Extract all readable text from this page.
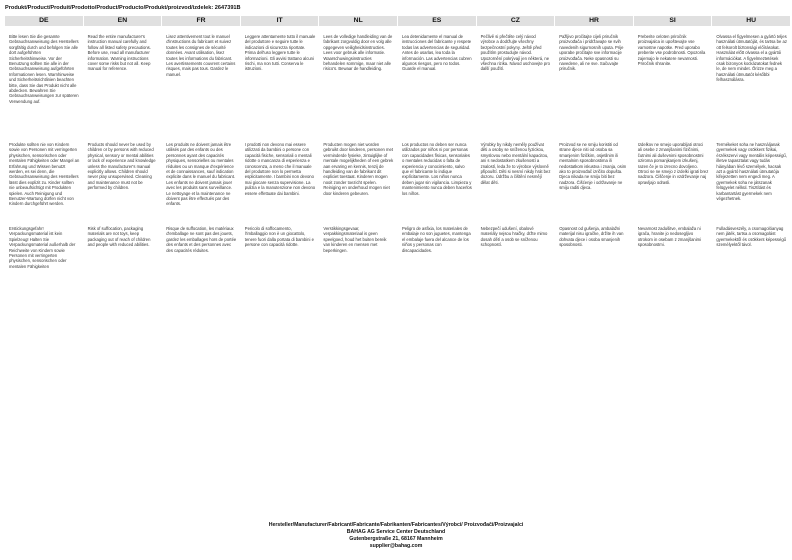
Produkt/Product/Produit/Prodotto/Product/Producto/Produkt/proizvod/izdelek: 2647391B
DE
Bitte lesen Sie die gesamte Gebrauchsanweisung des Herstellers sorgfältig durch und befolgen Sie alle dort aufgeführten Sicherheitshinweise. Vor der Benutzung sollten Sie alle in der Gebrauchsanweisung aufgeführten Informationen lesen. Warnhinweise und Sicherheitsrichtlinien beachten bitte, dass Sie das Produkt nicht alle abdecken. Bewahren Sie Gebrauchsanweisungen zur späteren Verwendung auf.
Produkte sollten nie von Kindern sowie von Personen mit verringerten physischen, sensorischen oder mentalen Fähigkeiten oder Mangel an Erfahrung und Wissen benutzt werden, es sei denn, die Gebrauchsanweisung des Herstellers lässt dies explizit zu. Kinder sollten nie unbeaufsichtigt mit Produkten spielen. Auch Reinigung und Benutzer-Wartung dürfen nicht von Kindern durchgeführt werden.
Erstickungsgefahr! Verpackungsmaterial ist kein Spielzeug! Halten Sie Verpackungsmaterial außerhalb der Reichweite von Kindern sowie Personen mit verringerten physischen, sensorischen oder mentalen Fähigkeiten
EN
Read the entire manufacturer's instruction manual carefully and follow all listed safety precautions. Before use, read all manufacturer information. Warning instructions cover some risks but not all. Keep manual for reference.
Products should never be used by children or by persons with reduced physical, sensory or mental abilities or lack of experience and knowledge unless the manufacturer's manual explicitly allows. Children should never play unsupervised. Cleaning and maintenance must not be performed by children.
Risk of suffocation, packaging materials are not toys, keep packaging out of reach of children and people with reduced abilities.
FR
Lisez attentivement tout le manuel d'instructions du fabricant et suivez toutes les consignes de sécurité données. Avant utilisation, lisez toutes les informations du fabricant. Les avertissements couvrent certains risques, mais pas tous. Gardez le manuel.
Les produits ne doivent jamais être utilisés par des enfants ou des personnes ayant des capacités physiques, sensorielles ou mentales réduites ou un manque d'expérience et de connaissances, sauf indication explicite dans le manuel du fabricant. Les enfants ne doivent jamais jouer avec les produits sans surveillance. Le nettoyage et la maintenance ne doivent pas être effectués par des enfants.
Risque de suffocation, les matériaux d'emballage ne sont pas des jouets, gardez les emballages hors de portée des enfants et des personnes avec des capacités réduites.
IT
Leggere attentamente tutto il manuale del produttore e seguire tutte le indicazioni di sicurezza riportate. Prima dell'uso leggere tutte le informazioni. Gli avvisi trattano alcuni rischi, ma non tutti. Conserva le istruzioni.
I prodotti non devono mai essere utilizzati da bambini o persone con capacità fisiche, sensoriali o mentali ridotte o mancanza di esperienza e conoscenza, a meno che il manuale del produttore non lo permetta esplicitamente. I bambini non devono mai giocare senza supervisione. La pulizia e la manutenzione non devono essere effettuate dai bambini.
Pericolo di soffocamento, l'imballaggio non è un giocattolo, tenere fuori dalla portata di bambini e persone con capacità ridotte.
NL
Lees de volledige handleiding van de fabrikant zorgvuldig door en volg alle opgegeven veiligheidsinstructies. Lees voor gebruik alle informatie. Waarschuwingsinstructies behandelen sommige, maar niet alle risico's. Bewaar de handleiding.
Producten mogen niet worden gebruikt door kinderen, personen met verminderde fysieke, zintuiglijke of mentale mogelijkheden of een gebrek aan ervaring en kennis, tenzij de handleiding van de fabrikant dit expliciet toestaat. Kinderen mogen nooit zonder toezicht spelen. Reiniging en onderhoud mogen niet door kinderen gebeuren.
Verstikkingsgevaar, verpakkingsmateriaal is geen speelgoed, houd het buiten bereik van kinderen en mensen met beperkingen.
ES
Lea detenidamente el manual de instrucciones del fabricante y respete todas las advertencias de seguridad. Antes de usarlas, lea toda la información. Las advertencias cubren algunos riesgos, pero no todos. Guarde el manual.
Los productos no deben ser nunca utilizados por niños ni por personas con capacidades físicas, sensoriales o mentales reducidas o falta de experiencia y conocimiento, salvo que el fabricante lo indique explícitamente. Los niños nunca deben jugar sin vigilancia. Limpieza y mantenimiento nunca deben hacerlos los niños.
Peligro de asfixia, los materiales de embalaje no son juguetes, mantenga el embalaje fuera del alcance de los niños y personas con discapacidades.
CZ
Pečlivě si přečtěte celý návod výrobce a dodržujte všechny bezpečnostní pokyny. Ještě před použitím prostudujte návod. Upozornění pokrývají jen některá, ne všechna rizika. Návod uschovejte pro další použití.
Výrobky by nikdy neměly používat děti a osoby se sníženou fyzickou, smyslovou nebo mentální kapacitou, ani s nedostatkem zkušeností a znalostí, leda že to výrobce výslovně připouští. Děti si nesmí nikdy hrát bez dozoru. Údržbu a čištění nesmějí dělat děti.
Nebezpečí udušení, obalové materiály nejsou hračky, držte mimo dosah dětí a osob se sníženou schopností.
HR
Pažljivo pročitajte cijeli priručnik proizvođača i pridržavajte se svih navedenih sigurnosnih uputa. Prije uporabe pročitajte sve informacije proizvođača. Neke opasnosti su navedene, ali ne sve. Sačuvajte priručnik.
Proizvod se ne smiju koristiti od strane djece niti od osoba sa smanjenim fizičkim, osjetilnim ili mentalnim sposobnostima ili nedostatkom iskustva i znanja, osim ako to proizvođač izričito dopušta. Djeca nikada ne smiju biti bez nadzora. Čišćenje i održavanje ne smiju raditi djeca.
Opasnost od gušenja, ambalažni materijal nisu igračke, držite ih van dohvata djece i osoba smanjenih sposobnosti.
SI
Preberite celoten priročnik proizvajalca in upoštevajte vse varnostne napotke. Pred uporabo preberite vse podrobnosti. Opozorila zajemajo le nekatere nevarnosti. Priročnik shranite.
Izdelkov ne smejo uporabljati otroci ali osebe z zmanjšanimi fizičnimi, čutnimi ali duševnimi sposobnostmi oziroma pomanjkanjem izkušenj, razen če je to izrecno dovoljeno. Otroci se ne smejo z izdelki igrati brez nadzora. Čiščenje in vzdrževanje naj opravljajo odrasli.
Nevarnost zadušitve, embalaža ni igrača, hranite jo nedosegljivo otrokom in osebam z zmanjšanimi sposobnostmi.
HU
Olvassa el figyelmesen a gyártó teljes használati útmutatóját, és tartsa be az ott felsorolt biztonsági előírásokat. Használat előtt olvassa el a gyártói információkat. A figyelmeztetések csak bizonyos kockázatokat fednek le, de nem mindet. Őrizze meg a használati útmutatót későbbi felhasználásra.
Termékeket soha ne használjanak gyermekek vagy csökkent fizikai, érzékszervi vagy mentális képességű, illetve tapasztalat vagy tudás hiányában lévő személyek, hacsak azt a gyártó használati útmutatója kifejezetten nem engedi meg. A gyermekek soha ne játszanak felügyelet nélkül. Tisztítást és karbantartást gyermekek nem végezhetnek.
Fulladásveszély, a csomagolóanyag nem játék, tartsa a csomagolást gyermekektől és csökkent képességű személyektől távol.
Hersteller/Manufacturer/Fabricant/Fabricante/Fabrikanten/Fabricantes/Výrobci/ Proizvođači/Proizvajalci
BAHAG AG Service Center Deutschland
Gutenbergstraße 21, 68167 Mannheim
supplier@bahag.com
